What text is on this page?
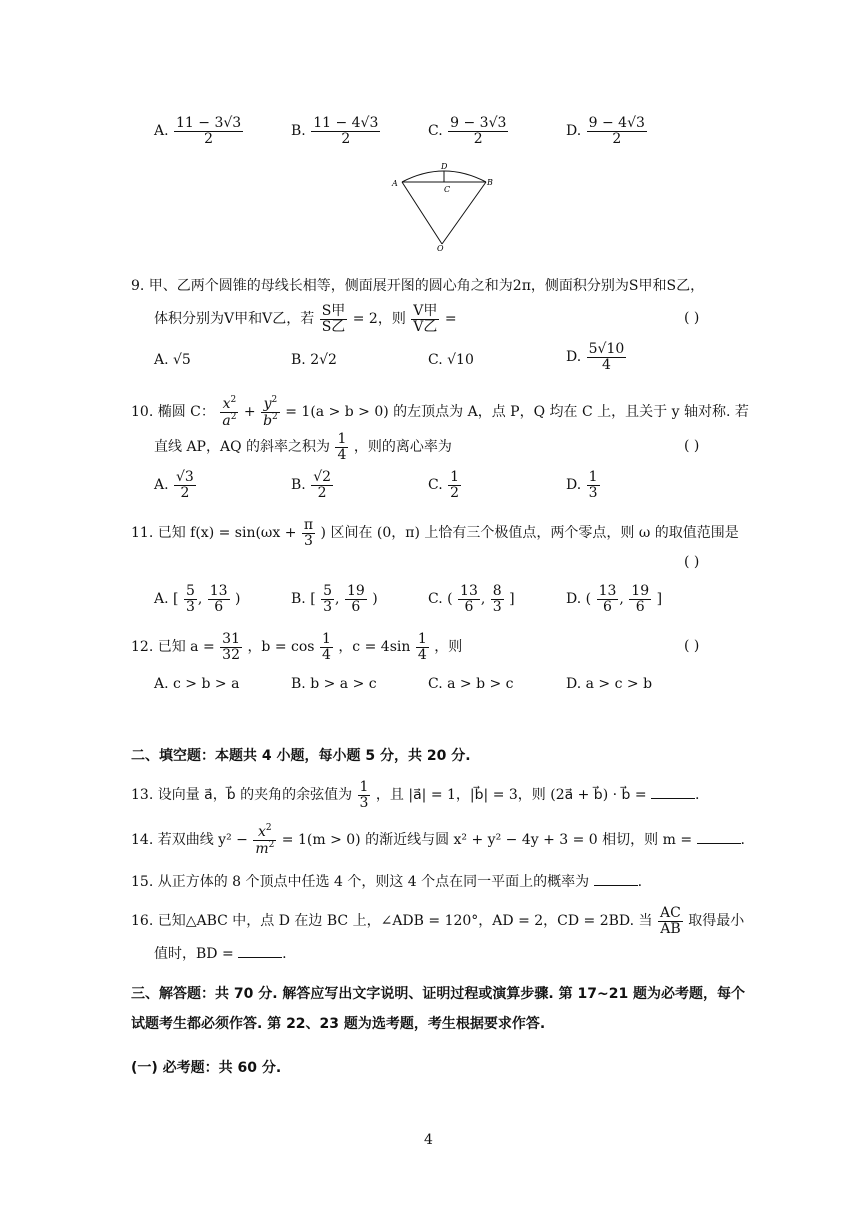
A. $\frac{11 - 3√3}{2}$	B. $\frac{11 - 4√3}{2}$	C. $\frac{9 - 3√3}{2}$	D. $\frac{9 - 4√3}{2}$
A	B
D
C
O
9. 甲、乙两个圆锥的母线长相等，侧面展开图的圆心角之和为2π，侧面积分别为S甲和S乙，
体积分别为V甲和V乙，若 $\frac{\text{S甲}}{\text{S乙}} = 2$，则 $\frac{\text{V甲}}{\text{V乙}}$ =	( )
A. √5	B. 2√2	C. √10	D. $\frac{5√10}{4}$
10. 椭圆 C： $\frac{x^2}{a^2} + \frac{y^2}{b^2} = 1(a > b > 0)$ 的左顶点为 A，点 P，Q 均在 C 上，且关于 y 轴对称. 若
直线 AP，AQ 的斜率之积为 $\frac{1}{4}$ ，则的离心率为	( )
A. $\frac{√3}{2}$	B. $\frac{√2}{2}$	C. $\frac{1}{2}$	D. $\frac{1}{3}$
11. 已知 $f(x) = \sin(\omega x + \frac{\pi}{3}$ ) 区间在 (0，π) 上恰有三个极值点，两个零点，则 ω 的取值范围是
( )
A. [ $\frac{5}{3}$ , $\frac{13}{6}$ )	B. [ $\frac{5}{3}$ , $\frac{19}{6}$ )	C. ( $\frac{13}{6}$ , $\frac{8}{3}$ ]	D. ( $\frac{13}{6}$ , $\frac{19}{6}$ ]
12. 已知 $a = \frac{31}{32}$ ，$b = \cos \frac{1}{4}$ ，$c = 4\sin \frac{1}{4}$ ，则	( )
A. c > b > a	B. b > a > c	C. a > b > c	D. a > c > b
二、填空题：本题共 4 小题，每小题 5 分，共 20 分.
13. 设向量 a⃗，b⃗ 的夹角的余弦值为 $\frac{1}{3}$ ，且 |a⃗| = 1，|b⃗| = 3，则 (2a⃗ + b⃗) · b⃗ =	.
14. 若双曲线 $y^2 - \frac{x^2}{m^2} = 1(m > 0)$ 的渐近线与圆 x² + y² − 4y + 3 = 0 相切，则 m =	.
15. 从正方体的 8 个顶点中任选 4 个，则这 4 个点在同一平面上的概率为	.
16. 已知△ABC 中，点 D 在边 BC 上，∠ADB = 120°，AD = 2，CD = 2BD. 当 $\frac{AC}{AB}$ 取得最小
值时，BD =	.
三、解答题：共 70 分. 解答应写出文字说明、证明过程或演算步骤. 第 17~21 题为必考题，每个
试题考生都必须作答. 第 22、23 题为选考题，考生根据要求作答.
(一) 必考题：共 60 分.
4
